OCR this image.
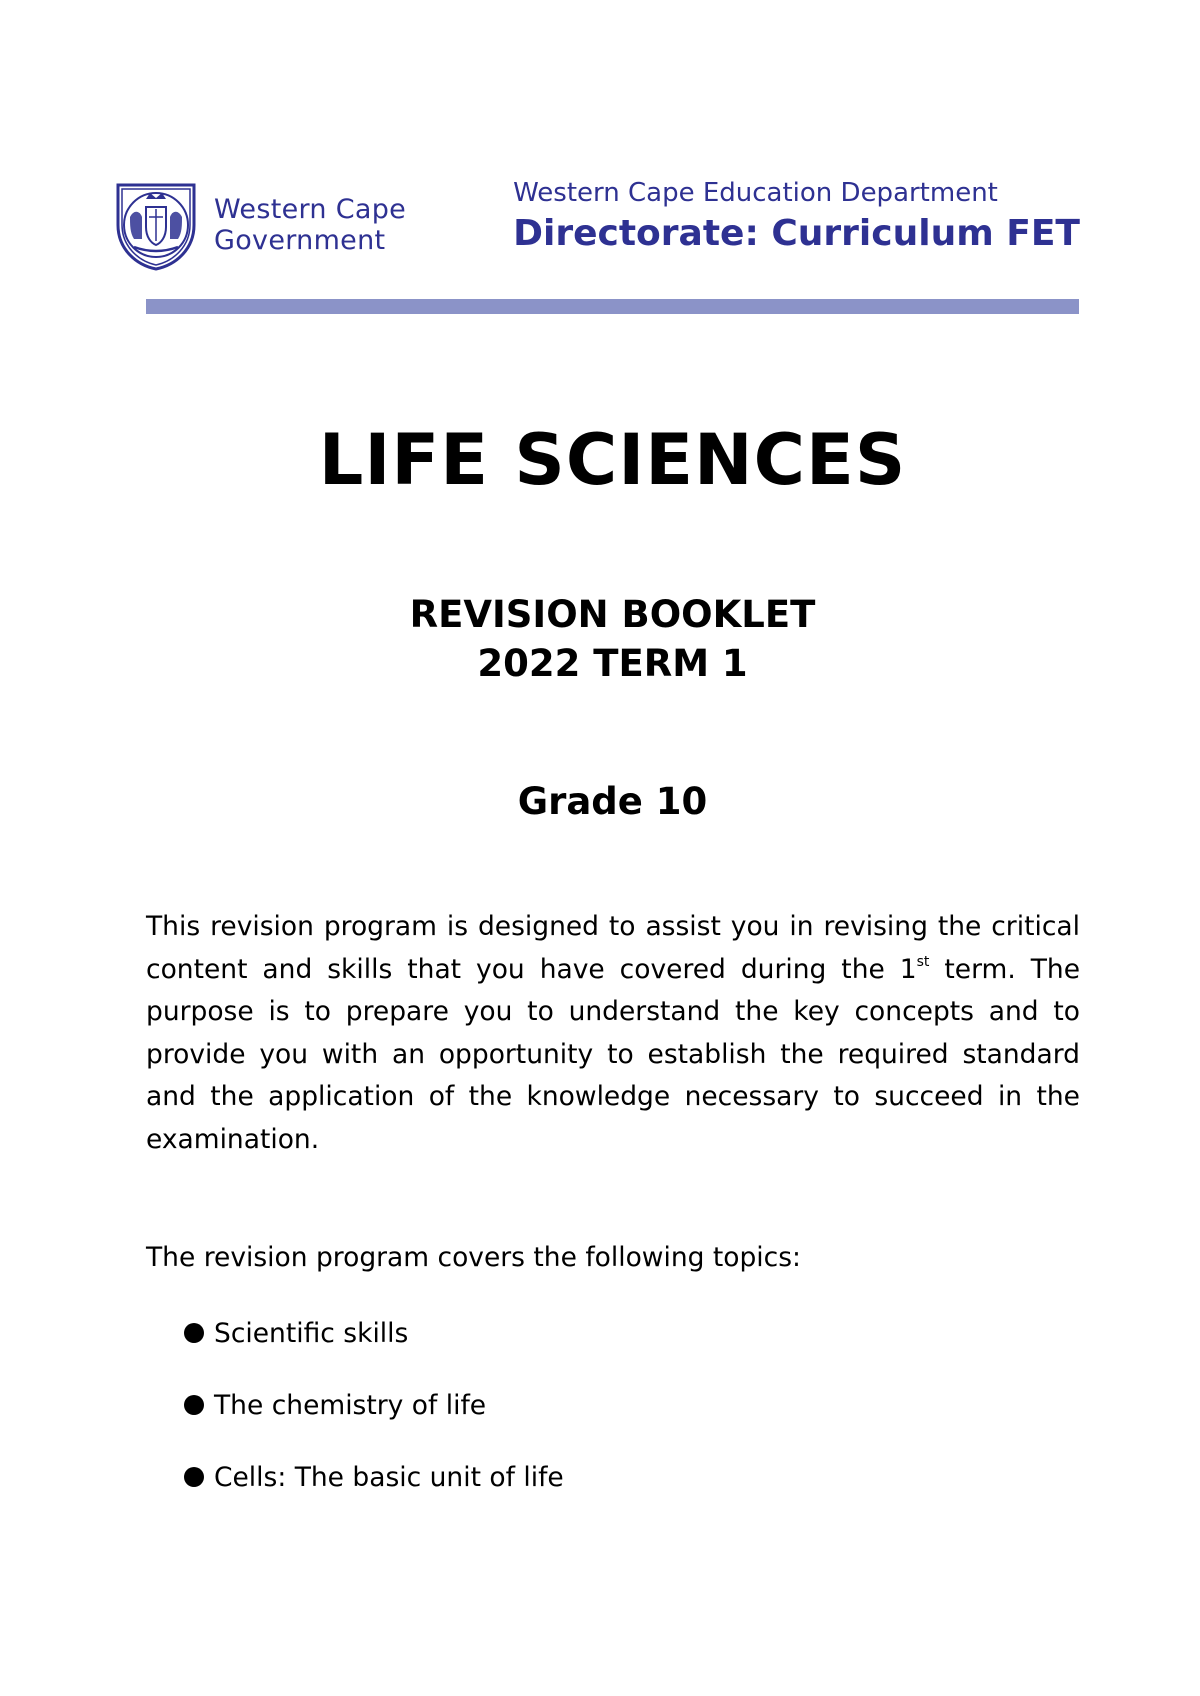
Western Cape
Government
Western Cape Education Department
Directorate: Curriculum FET
LIFE SCIENCES
REVISION BOOKLET
2022 TERM 1
Grade 10
This revision program is designed to assist you in revising the critical content and skills that you have covered during the 1st term. The purpose is to prepare you to understand the key concepts and to provide you with an opportunity to establish the required standard and the application of the knowledge necessary to succeed in the examination.
The revision program covers the following topics:
Scientific skills
The chemistry of life
Cells: The basic unit of life
